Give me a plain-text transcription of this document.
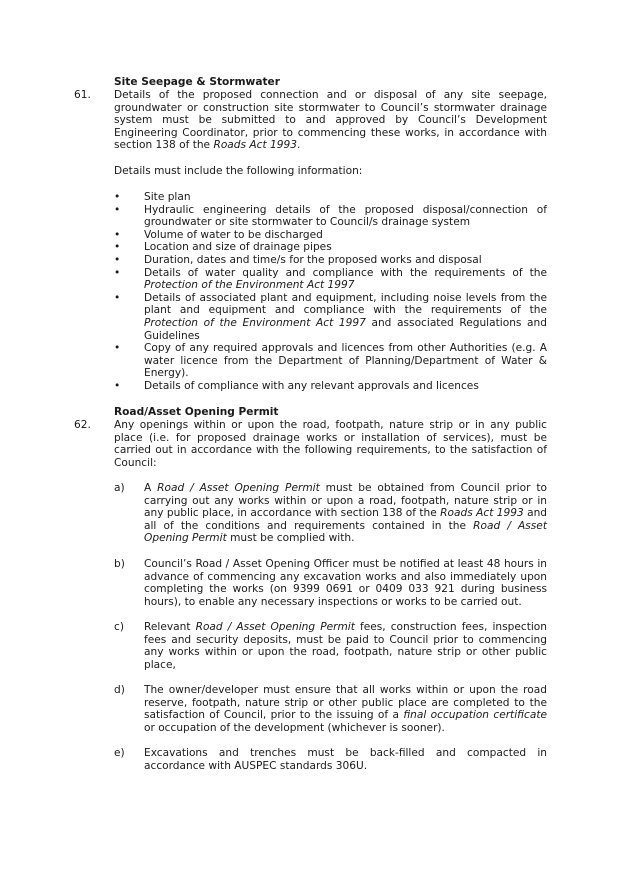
Site Seepage & Stormwater
61. Details of the proposed connection and or disposal of any site seepage, groundwater or construction site stormwater to Council’s stormwater drainage system must be submitted to and approved by Council’s Development Engineering Coordinator, prior to commencing these works, in accordance with section 138 of the Roads Act 1993.

Details must include the following information:
• Site plan
• Hydraulic engineering details of the proposed disposal/connection of groundwater or site stormwater to Council/s drainage system
• Volume of water to be discharged
• Location and size of drainage pipes
• Duration, dates and time/s for the proposed works and disposal
• Details of water quality and compliance with the requirements of the Protection of the Environment Act 1997
• Details of associated plant and equipment, including noise levels from the plant and equipment and compliance with the requirements of the Protection of the Environment Act 1997 and associated Regulations and Guidelines
• Copy of any required approvals and licences from other Authorities (e.g. A water licence from the Department of Planning/Department of Water & Energy).
• Details of compliance with any relevant approvals and licences
Road/Asset Opening Permit
62. Any openings within or upon the road, footpath, nature strip or in any public place (i.e. for proposed drainage works or installation of services), must be carried out in accordance with the following requirements, to the satisfaction of Council:
a) A Road / Asset Opening Permit must be obtained from Council prior to carrying out any works within or upon a road, footpath, nature strip or in any public place, in accordance with section 138 of the Roads Act 1993 and all of the conditions and requirements contained in the Road / Asset Opening Permit must be complied with.
b) Council’s Road / Asset Opening Officer must be notified at least 48 hours in advance of commencing any excavation works and also immediately upon completing the works (on 9399 0691 or 0409 033 921 during business hours), to enable any necessary inspections or works to be carried out.
c) Relevant Road / Asset Opening Permit fees, construction fees, inspection fees and security deposits, must be paid to Council prior to commencing any works within or upon the road, footpath, nature strip or other public place,
d) The owner/developer must ensure that all works within or upon the road reserve, footpath, nature strip or other public place are completed to the satisfaction of Council, prior to the issuing of a final occupation certificate or occupation of the development (whichever is sooner).
e) Excavations and trenches must be back-filled and compacted in accordance with AUSPEC standards 306U.
